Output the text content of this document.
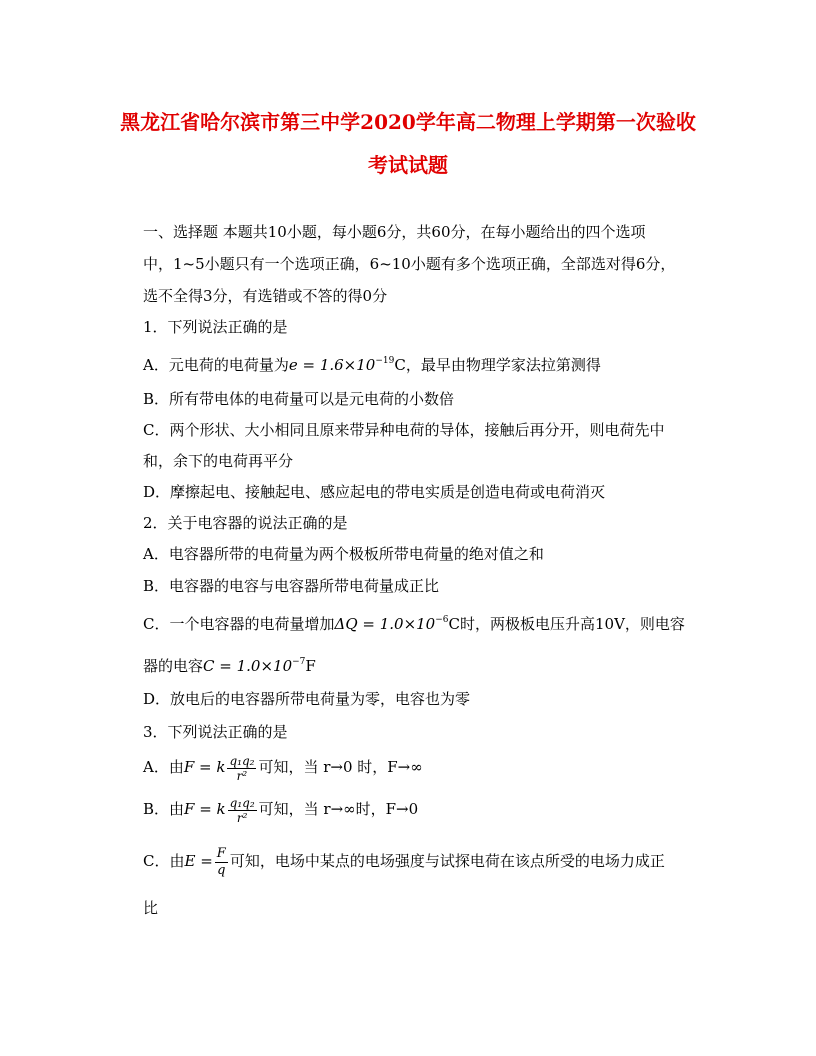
黑龙江省哈尔滨市第三中学2020学年高二物理上学期第一次验收
考试试题
一、选择题 本题共10小题，每小题6分，共60分，在每小题给出的四个选项
中，1~5小题只有一个选项正确，6~10小题有多个选项正确，全部选对得6分，
选不全得3分，有选错或不答的得0分
1．下列说法正确的是
A．元电荷的电荷量为$e = 1.6\times 10^{-19}C$，最早由物理学家法拉第测得
B．所有带电体的电荷量可以是元电荷的小数倍
C．两个形状、大小相同且原来带异种电荷的导体，接触后再分开，则电荷先中
和，余下的电荷再平分
D．摩擦起电、接触起电、感应起电的带电实质是创造电荷或电荷消灭
2．关于电容器的说法正确的是
A．电容器所带的电荷量为两个极板所带电荷量的绝对值之和
B．电容器的电容与电容器所带电荷量成正比
C．一个电容器的电荷量增加$\Delta Q = 1.0\times 10^{-6}C$时，两极板电压升高10V，则电容
器的电容$C = 1.0\times 10^{-7}F$
D．放电后的电容器所带电荷量为零，电容也为零
3．下列说法正确的是
A．由F = k $\frac{\text{q₁q₂}}{\text{r²}}$ 可知，当 r→0 时，F→∞
B．由F = k $\frac{\text{q₁q₂}}{\text{r²}}$ 可知，当 r→∞时，F→0
C．由$E = \frac{F}{q}$ 可知，电场中某点的电场强度与试探电荷在该点所受的电场力成正
比
